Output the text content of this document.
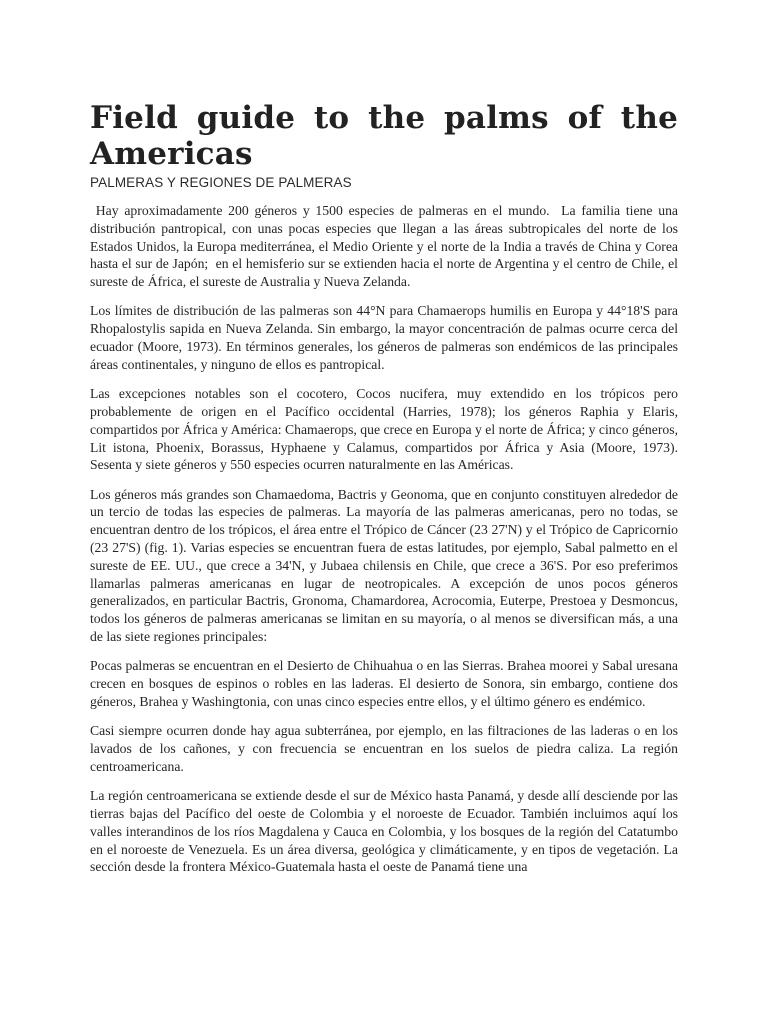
Field guide to the palms of the Americas
PALMERAS Y REGIONES DE PALMERAS

Hay aproximadamente 200 géneros y 1500 especies de palmeras en el mundo.  La familia tiene una distribución pantropical, con unas pocas especies que llegan a las áreas subtropicales del norte de los Estados Unidos, la Europa mediterránea, el Medio Oriente y el norte de la India a través de China y Corea hasta el sur de Japón;  en el hemisferio sur se extienden hacia el norte de Argentina y el centro de Chile, el sureste de África, el sureste de Australia y Nueva Zelanda.

Los límites de distribución de las palmeras son 44°N para Chamaerops humilis en Europa y 44°18'S para Rhopalostylis sapida en Nueva Zelanda. Sin embargo, la mayor concentración de palmas ocurre cerca del ecuador (Moore, 1973). En términos generales, los géneros de palmeras son endémicos de las principales áreas continentales, y ninguno de ellos es pantropical.

Las excepciones notables son el cocotero, Cocos nucifera, muy extendido en los trópicos pero probablemente de origen en el Pacífico occidental (Harries, 1978); los géneros Raphia y Elaris, compartidos por África y América: Chamaerops, que crece en Europa y el norte de África; y cinco géneros, Lit istona, Phoenix, Borassus, Hyphaene y Calamus, compartidos por África y Asia (Moore, 1973). Sesenta y siete géneros y 550 especies ocurren naturalmente en las Américas.

Los géneros más grandes son Chamaedoma, Bactris y Geonoma, que en conjunto constituyen alrededor de un tercio de todas las especies de palmeras. La mayoría de las palmeras americanas, pero no todas, se encuentran dentro de los trópicos, el área entre el Trópico de Cáncer (23 27'N) y el Trópico de Capricornio (23 27'S) (fig. 1). Varias especies se encuentran fuera de estas latitudes, por ejemplo, Sabal palmetto en el sureste de EE. UU., que crece a 34'N, y Jubaea chilensis en Chile, que crece a 36'S. Por eso preferimos llamarlas palmeras americanas en lugar de neotropicales. A excepción de unos pocos géneros generalizados, en particular Bactris, Gronoma, Chamardorea, Acrocomia, Euterpe, Prestoea y Desmoncus, todos los géneros de palmeras americanas se limitan en su mayoría, o al menos se diversifican más, a una de las siete regiones principales:

Pocas palmeras se encuentran en el Desierto de Chihuahua o en las Sierras. Brahea moorei y Sabal uresana crecen en bosques de espinos o robles en las laderas. El desierto de Sonora, sin embargo, contiene dos géneros, Brahea y Washingtonia, con unas cinco especies entre ellos, y el último género es endémico.

Casi siempre ocurren donde hay agua subterránea, por ejemplo, en las filtraciones de las laderas o en los lavados de los cañones, y con frecuencia se encuentran en los suelos de piedra caliza. La región centroamericana.

La región centroamericana se extiende desde el sur de México hasta Panamá, y desde allí desciende por las tierras bajas del Pacífico del oeste de Colombia y el noroeste de Ecuador. También incluimos aquí los valles interandinos de los ríos Magdalena y Cauca en Colombia, y los bosques de la región del Catatumbo en el noroeste de Venezuela. Es un área diversa, geológica y climáticamente, y en tipos de vegetación. La sección desde la frontera México-Guatemala hasta el oeste de Panamá tiene una
